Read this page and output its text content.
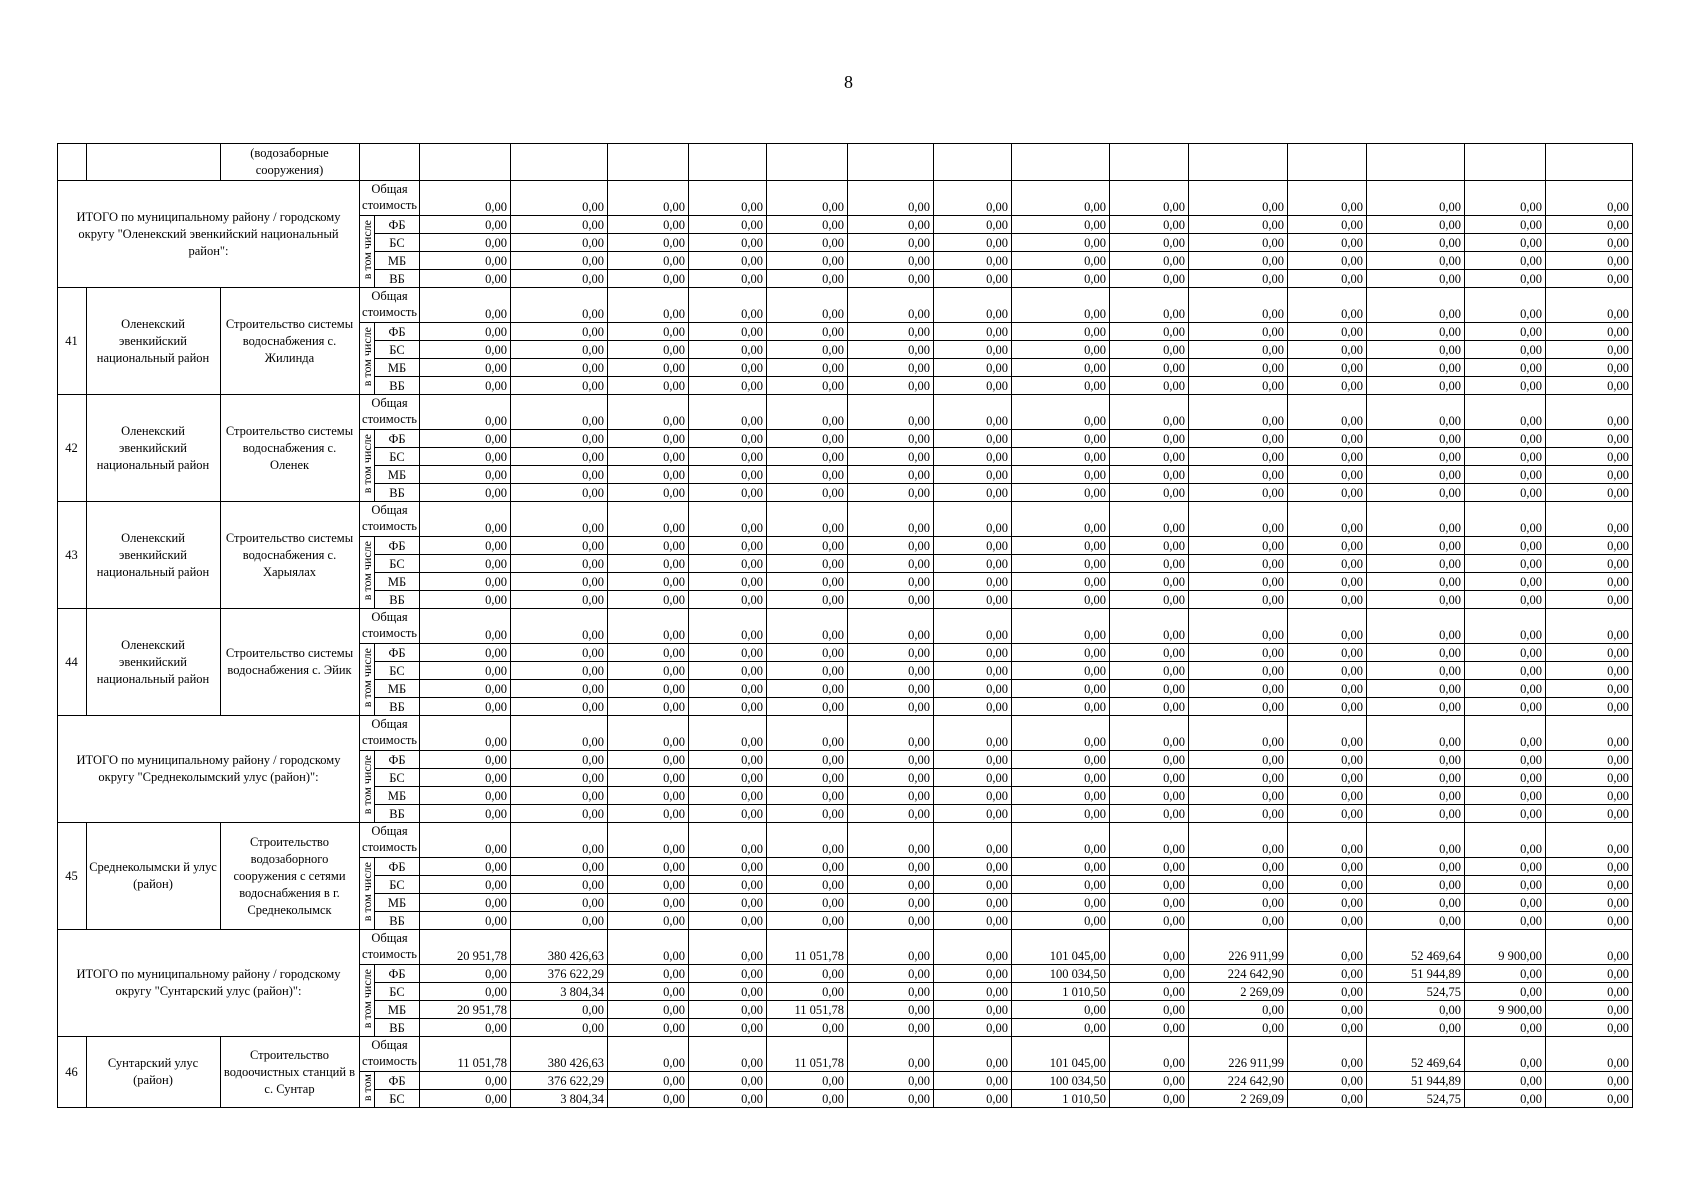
8
		(водозаборные сооружения)																
ИТОГО по муниципальному району / городскому округу "Оленекский эвенкийский национальный район":			Общая стоимость		0,00	0,00	0,00	0,00	0,00	0,00	0,00	0,00	0,00	0,00	0,00	0,00	0,00	0,00
			в том числе	ФБ	0,00	0,00	0,00	0,00	0,00	0,00	0,00	0,00	0,00	0,00	0,00	0,00	0,00	0,00
				БС	0,00	0,00	0,00	0,00	0,00	0,00	0,00	0,00	0,00	0,00	0,00	0,00	0,00	0,00
				МБ	0,00	0,00	0,00	0,00	0,00	0,00	0,00	0,00	0,00	0,00	0,00	0,00	0,00	0,00
				ВБ	0,00	0,00	0,00	0,00	0,00	0,00	0,00	0,00	0,00	0,00	0,00	0,00	0,00	0,00
41	Оленекский эвенкийский национальный район	Строительство системы водоснабжения с. Жилинда	Общая стоимость		0,00	0,00	0,00	0,00	0,00	0,00	0,00	0,00	0,00	0,00	0,00	0,00	0,00	0,00
			в том числе	ФБ	0,00	0,00	0,00	0,00	0,00	0,00	0,00	0,00	0,00	0,00	0,00	0,00	0,00	0,00
				БС	0,00	0,00	0,00	0,00	0,00	0,00	0,00	0,00	0,00	0,00	0,00	0,00	0,00	0,00
				МБ	0,00	0,00	0,00	0,00	0,00	0,00	0,00	0,00	0,00	0,00	0,00	0,00	0,00	0,00
				ВБ	0,00	0,00	0,00	0,00	0,00	0,00	0,00	0,00	0,00	0,00	0,00	0,00	0,00	0,00
42	Оленекский эвенкийский национальный район	Строительство системы водоснабжения с. Оленек	Общая стоимость		0,00	0,00	0,00	0,00	0,00	0,00	0,00	0,00	0,00	0,00	0,00	0,00	0,00	0,00
			в том числе	ФБ	0,00	0,00	0,00	0,00	0,00	0,00	0,00	0,00	0,00	0,00	0,00	0,00	0,00	0,00
				БС	0,00	0,00	0,00	0,00	0,00	0,00	0,00	0,00	0,00	0,00	0,00	0,00	0,00	0,00
				МБ	0,00	0,00	0,00	0,00	0,00	0,00	0,00	0,00	0,00	0,00	0,00	0,00	0,00	0,00
				ВБ	0,00	0,00	0,00	0,00	0,00	0,00	0,00	0,00	0,00	0,00	0,00	0,00	0,00	0,00
43	Оленекский эвенкийский национальный район	Строительство системы водоснабжения с. Харыялах	Общая стоимость		0,00	0,00	0,00	0,00	0,00	0,00	0,00	0,00	0,00	0,00	0,00	0,00	0,00	0,00
			в том числе	ФБ	0,00	0,00	0,00	0,00	0,00	0,00	0,00	0,00	0,00	0,00	0,00	0,00	0,00	0,00
				БС	0,00	0,00	0,00	0,00	0,00	0,00	0,00	0,00	0,00	0,00	0,00	0,00	0,00	0,00
				МБ	0,00	0,00	0,00	0,00	0,00	0,00	0,00	0,00	0,00	0,00	0,00	0,00	0,00	0,00
				ВБ	0,00	0,00	0,00	0,00	0,00	0,00	0,00	0,00	0,00	0,00	0,00	0,00	0,00	0,00
44	Оленекский эвенкийский национальный район	Строительство системы водоснабжения с. Эйик	Общая стоимость		0,00	0,00	0,00	0,00	0,00	0,00	0,00	0,00	0,00	0,00	0,00	0,00	0,00	0,00
			в том числе	ФБ	0,00	0,00	0,00	0,00	0,00	0,00	0,00	0,00	0,00	0,00	0,00	0,00	0,00	0,00
				БС	0,00	0,00	0,00	0,00	0,00	0,00	0,00	0,00	0,00	0,00	0,00	0,00	0,00	0,00
				МБ	0,00	0,00	0,00	0,00	0,00	0,00	0,00	0,00	0,00	0,00	0,00	0,00	0,00	0,00
				ВБ	0,00	0,00	0,00	0,00	0,00	0,00	0,00	0,00	0,00	0,00	0,00	0,00	0,00	0,00
ИТОГО по муниципальному району / городскому округу "Среднеколымский улус (район)":			Общая стоимость		0,00	0,00	0,00	0,00	0,00	0,00	0,00	0,00	0,00	0,00	0,00	0,00	0,00	0,00
			в том числе	ФБ	0,00	0,00	0,00	0,00	0,00	0,00	0,00	0,00	0,00	0,00	0,00	0,00	0,00	0,00
				БС	0,00	0,00	0,00	0,00	0,00	0,00	0,00	0,00	0,00	0,00	0,00	0,00	0,00	0,00
				МБ	0,00	0,00	0,00	0,00	0,00	0,00	0,00	0,00	0,00	0,00	0,00	0,00	0,00	0,00
				ВБ	0,00	0,00	0,00	0,00	0,00	0,00	0,00	0,00	0,00	0,00	0,00	0,00	0,00	0,00
45	Среднеколымски й улус (район)	Строительство водозаборного сооружения с сетями водоснабжения в г. Среднеколымск	Общая стоимость		0,00	0,00	0,00	0,00	0,00	0,00	0,00	0,00	0,00	0,00	0,00	0,00	0,00	0,00
			в том числе	ФБ	0,00	0,00	0,00	0,00	0,00	0,00	0,00	0,00	0,00	0,00	0,00	0,00	0,00	0,00
				БС	0,00	0,00	0,00	0,00	0,00	0,00	0,00	0,00	0,00	0,00	0,00	0,00	0,00	0,00
				МБ	0,00	0,00	0,00	0,00	0,00	0,00	0,00	0,00	0,00	0,00	0,00	0,00	0,00	0,00
				ВБ	0,00	0,00	0,00	0,00	0,00	0,00	0,00	0,00	0,00	0,00	0,00	0,00	0,00	0,00
ИТОГО по муниципальному району / городскому округу "Сунтарский улус (район)":			Общая стоимость		20 951,78	380 426,63	0,00	0,00	11 051,78	0,00	0,00	101 045,00	0,00	226 911,99	0,00	52 469,64	9 900,00	0,00
			в том числе	ФБ	0,00	376 622,29	0,00	0,00	0,00	0,00	0,00	100 034,50	0,00	224 642,90	0,00	51 944,89	0,00	0,00
				БС	0,00	3 804,34	0,00	0,00	0,00	0,00	0,00	1 010,50	0,00	2 269,09	0,00	524,75	0,00	0,00
				МБ	20 951,78	0,00	0,00	0,00	11 051,78	0,00	0,00	0,00	0,00	0,00	0,00	0,00	9 900,00	0,00
				ВБ	0,00	0,00	0,00	0,00	0,00	0,00	0,00	0,00	0,00	0,00	0,00	0,00	0,00	0,00
46	Сунтарский улус (район)	Строительство водоочистных станций в с. Сунтар	Общая стоимость		11 051,78	380 426,63	0,00	0,00	11 051,78	0,00	0,00	101 045,00	0,00	226 911,99	0,00	52 469,64	0,00	0,00
			в том	ФБ	0,00	376 622,29	0,00	0,00	0,00	0,00	0,00	100 034,50	0,00	224 642,90	0,00	51 944,89	0,00	0,00
				БС	0,00	3 804,34	0,00	0,00	0,00	0,00	0,00	1 010,50	0,00	2 269,09	0,00	524,75	0,00	0,00
